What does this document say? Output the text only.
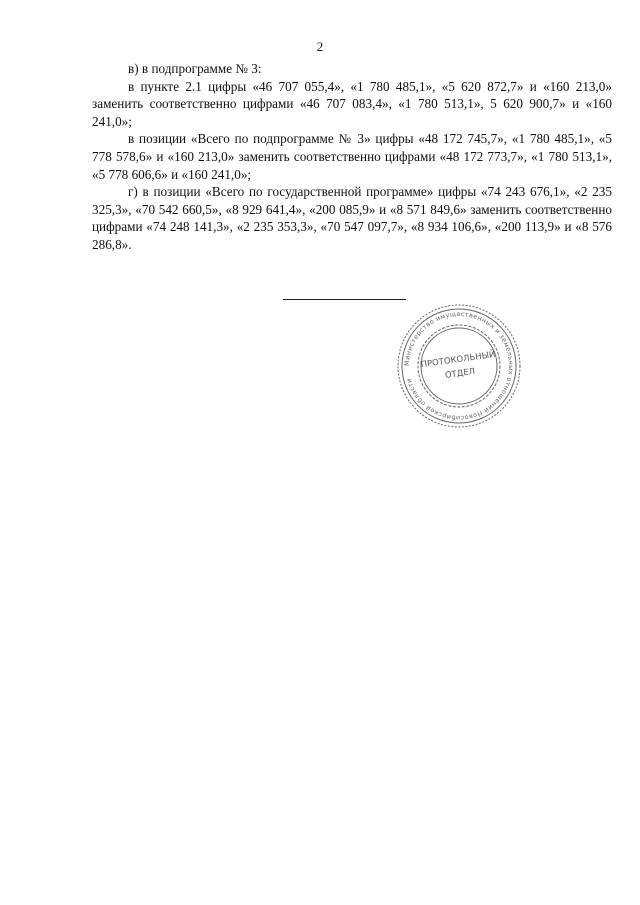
2

в) в подпрограмме № 3:

в пункте 2.1 цифры «46 707 055,4», «1 780 485,1», «5 620 872,7» и «160 213,0» заменить соответственно цифрами «46 707 083,4», «1 780 513,1», 5 620 900,7» и «160 241,0»;

в позиции «Всего по подпрограмме № 3» цифры «48 172 745,7», «1 780 485,1», «5 778 578,6» и «160 213,0» заменить соответственно цифрами «48 172 773,7», «1 780 513,1», «5 778 606,6» и «160 241,0»;

г) в позиции «Всего по государственной программе» цифры «74 243 676,1», «2 235 325,3», «70 542 660,5», «8 929 641,4», «200 085,9» и «8 571 849,6» заменить соответственно цифрами «74 248 141,3», «2 235 353,3», «70 547 097,7», «8 934 106,6», «200 113,9» и «8 576 286,8».

Министерство имущественных и земельных отношений Новосибирской области
ПРОТОКОЛЬНЫЙ
ОТДЕЛ
